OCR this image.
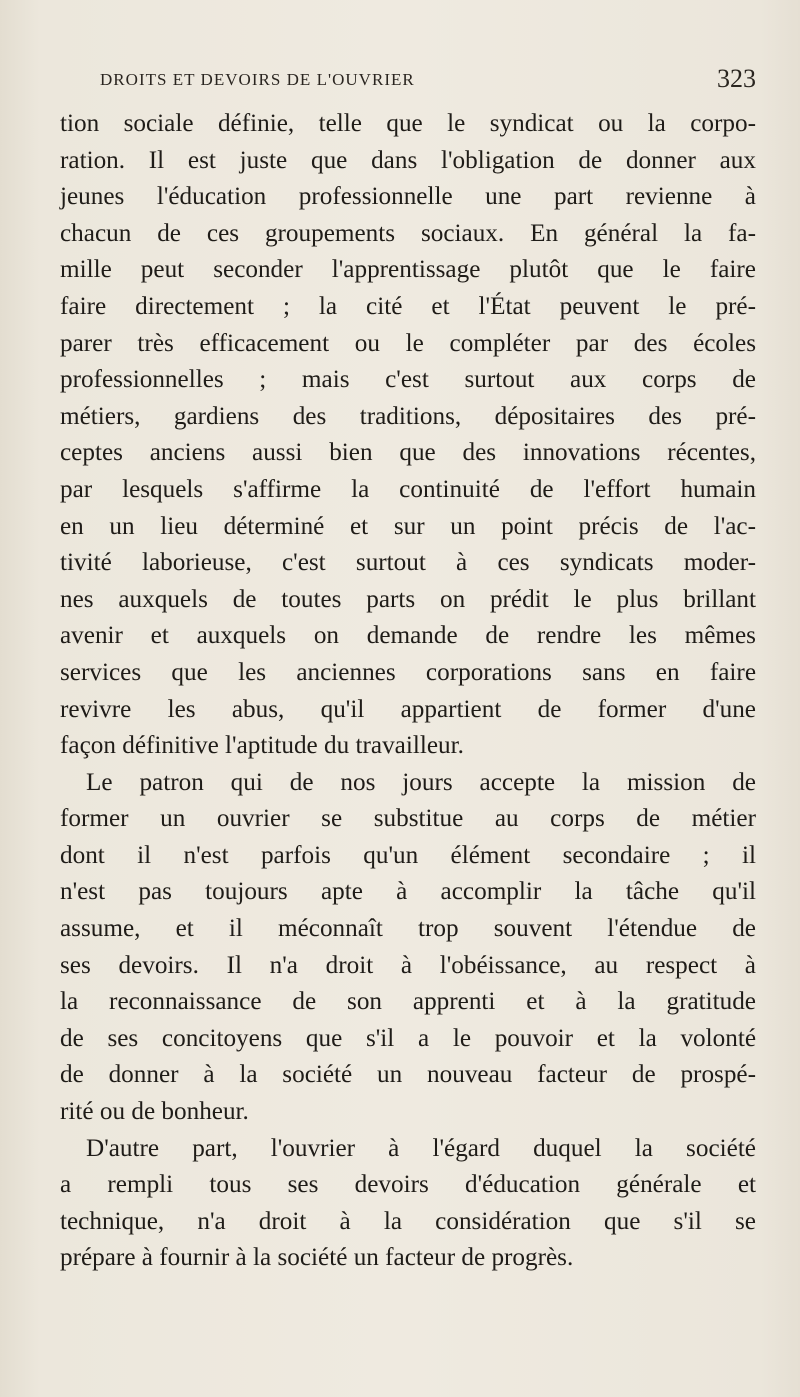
DROITS ET DEVOIRS DE L'OUVRIER	323

tion sociale définie, telle que le syndicat ou la corpo-
ration. Il est juste que dans l'obligation de donner aux
jeunes l'éducation professionnelle une part revienne à
chacun de ces groupements sociaux. En général la fa-
mille peut seconder l'apprentissage plutôt que le faire
faire directement ; la cité et l'État peuvent le pré-
parer très efficacement ou le compléter par des écoles
professionnelles ; mais c'est surtout aux corps de
métiers, gardiens des traditions, dépositaires des pré-
ceptes anciens aussi bien que des innovations récentes,
par lesquels s'affirme la continuité de l'effort humain
en un lieu déterminé et sur un point précis de l'ac-
tivité laborieuse, c'est surtout à ces syndicats moder-
nes auxquels de toutes parts on prédit le plus brillant
avenir et auxquels on demande de rendre les mêmes
services que les anciennes corporations sans en faire
revivre les abus, qu'il appartient de former d'une
façon définitive l'aptitude du travailleur.

Le patron qui de nos jours accepte la mission de
former un ouvrier se substitue au corps de métier
dont il n'est parfois qu'un élément secondaire ; il
n'est pas toujours apte à accomplir la tâche qu'il
assume, et il méconnaît trop souvent l'étendue de
ses devoirs. Il n'a droit à l'obéissance, au respect à
la reconnaissance de son apprenti et à la gratitude
de ses concitoyens que s'il a le pouvoir et la volonté
de donner à la société un nouveau facteur de prospé-
rité ou de bonheur.

D'autre part, l'ouvrier à l'égard duquel la société
a rempli tous ses devoirs d'éducation générale et
technique, n'a droit à la considération que s'il se
prépare à fournir à la société un facteur de progrès.
